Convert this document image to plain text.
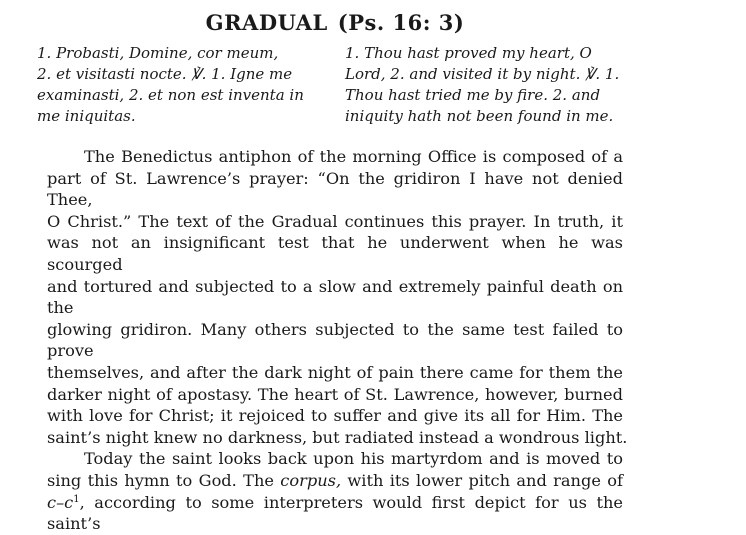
GRADUAL (Ps. 16: 3)
1. Probasti, Domine, cor meum,
2. et visitasti nocte. ℣. 1. Igne me
examinasti, 2. et non est inventa in
me iniquitas.
1. Thou hast proved my heart, O
Lord, 2. and visited it by night. ℣. 1.
Thou hast tried me by fire. 2. and
iniquity hath not been found in me.
The Benedictus antiphon of the morning Office is composed of a
part of St. Lawrence’s prayer: “On the gridiron I have not denied Thee,
O Christ.” The text of the Gradual continues this prayer. In truth, it
was not an insignificant test that he underwent when he was scourged
and tortured and subjected to a slow and extremely painful death on the
glowing gridiron. Many others subjected to the same test failed to prove
themselves, and after the dark night of pain there came for them the
darker night of apostasy. The heart of St. Lawrence, however, burned
with love for Christ; it rejoiced to suffer and give its all for Him. The
saint’s night knew no darkness, but radiated instead a wondrous light.
Today the saint looks back upon his martyrdom and is moved to
sing this hymn to God. The corpus, with its lower pitch and range of
$c-c^1$, according to some interpreters would first depict for us the saint’s
